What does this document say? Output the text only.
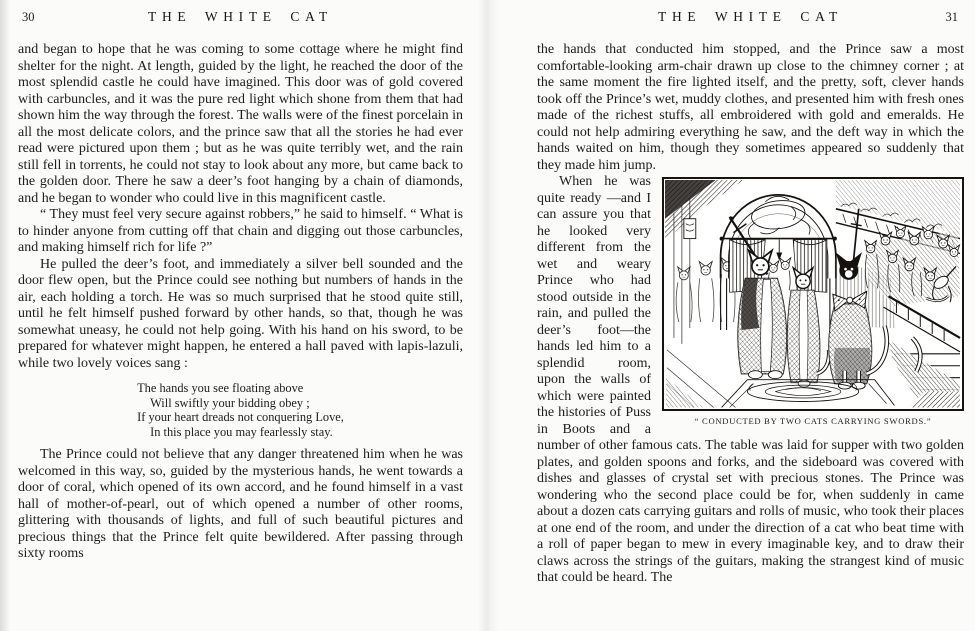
30	THE WHITE CAT

and began to hope that he was coming to some cottage where he might find shelter for the night. At length, guided by the light, he reached the door of the most splendid castle he could have imagined. This door was of gold covered with carbuncles, and it was the pure red light which shone from them that had shown him the way through the forest. The walls were of the finest porcelain in all the most delicate colors, and the prince saw that all the stories he had ever read were pictured upon them ; but as he was quite terribly wet, and the rain still fell in torrents, he could not stay to look about any more, but came back to the golden door. There he saw a deer’s foot hanging by a chain of diamonds, and he began to wonder who could live in this magnificent castle.

“ They must feel very secure against robbers,” he said to himself. “ What is to hinder anyone from cutting off that chain and digging out those carbuncles, and making himself rich for life ?”

He pulled the deer’s foot, and immediately a silver bell sounded and the door flew open, but the Prince could see nothing but numbers of hands in the air, each holding a torch. He was so much surprised that he stood quite still, until he felt himself pushed forward by other hands, so that, though he was somewhat uneasy, he could not help going. With his hand on his sword, to be prepared for whatever might happen, he entered a hall paved with lapis-lazuli, while two lovely voices sang :

The hands you see floating above
Will swiftly your bidding obey ;
If your heart dreads not conquering Love,
In this place you may fearlessly stay.

The Prince could not believe that any danger threatened him when he was welcomed in this way, so, guided by the mysterious hands, he went towards a door of coral, which opened of its own accord, and he found himself in a vast hall of mother-of-pearl, out of which opened a number of other rooms, glittering with thousands of lights, and full of such beautiful pictures and precious things that the Prince felt quite bewildered. After passing through sixty rooms

THE WHITE CAT	31

the hands that conducted him stopped, and the Prince saw a most comfortable-looking arm-chair drawn up close to the chimney corner ; at the same moment the fire lighted itself, and the pretty, soft, clever hands took off the Prince’s wet, muddy clothes, and presented him with fresh ones made of the richest stuffs, all embroidered with gold and emeralds. He could not help admiring everything he saw, and the deft way in which the hands waited on him, though they sometimes appeared so suddenly that they made him jump.

“ CONDUCTED BY TWO CATS CARRYING SWORDS.”
When he was quite ready —and I can assure you that he looked very different from the wet and weary Prince who had stood outside in the rain, and pulled the deer’s foot—the hands led him to a splendid room, upon the walls of which were painted the histories of Puss in Boots and a number of other famous cats. The table was laid for supper with two golden plates, and golden spoons and forks, and the sideboard was covered with dishes and glasses of crystal set with precious stones. The Prince was wondering who the second place could be for, when suddenly in came about a dozen cats carrying guitars and rolls of music, who took their places at one end of the room, and under the direction of a cat who beat time with a roll of paper began to mew in every imaginable key, and to draw their claws across the strings of the guitars, making the strangest kind of music that could be heard. The
